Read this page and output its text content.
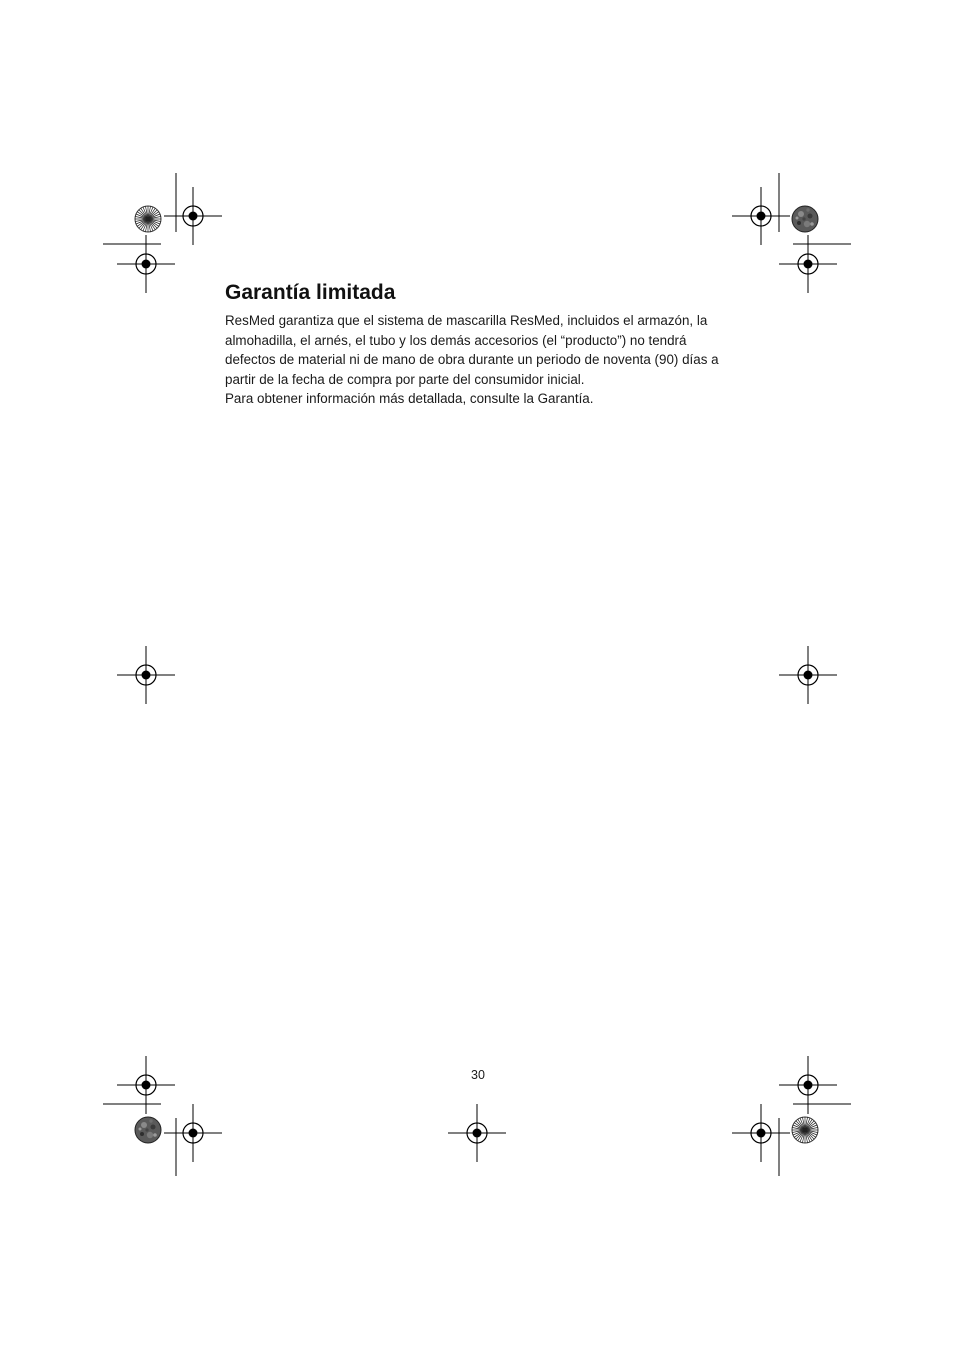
Garantía limitada

ResMed garantiza que el sistema de mascarilla ResMed, incluidos el armazón, la almohadilla, el arnés, el tubo y los demás accesorios (el “producto”) no tendrá defectos de material ni de mano de obra durante un periodo de noventa (90) días a partir de la fecha de compra por parte del consumidor inicial.

Para obtener información más detallada, consulte la Garantía.

30
